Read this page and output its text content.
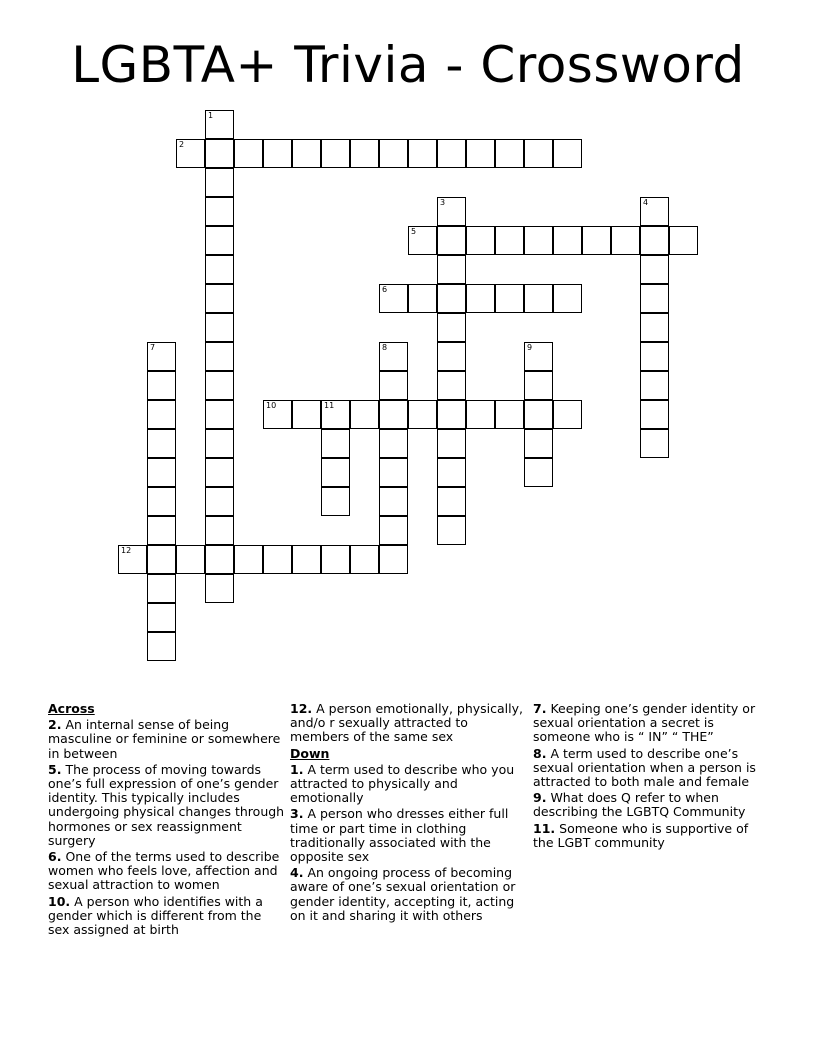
LGBTA+ Trivia - Crossword
1
2
3	4
5
6
7	8	9
10	11
12
Across
2. An internal sense of being masculine or feminine or somewhere in between
5. The process of moving towards one’s full expression of one’s gender identity. This typically includes undergoing physical changes through hormones or sex reassignment surgery
6. One of the terms used to describe women who feels love, affection and sexual attraction to women
10. A person who identifies with a gender which is different from the sex assigned at birth
12. A person emotionally, physically, and/o r sexually attracted to members of the same sex
Down
1. A term used to describe who you attracted to physically and emotionally
3. A person who dresses either full time or part time in clothing traditionally associated with the opposite sex
4. An ongoing process of becoming aware of one’s sexual orientation or gender identity, accepting it, acting on it and sharing it with others
7. Keeping one’s gender identity or sexual orientation a secret is someone who is “ IN” “ THE”
8. A term used to describe one’s sexual orientation when a person is attracted to both male and female
9. What does Q refer to when describing the LGBTQ Community
11. Someone who is supportive of the LGBT community
